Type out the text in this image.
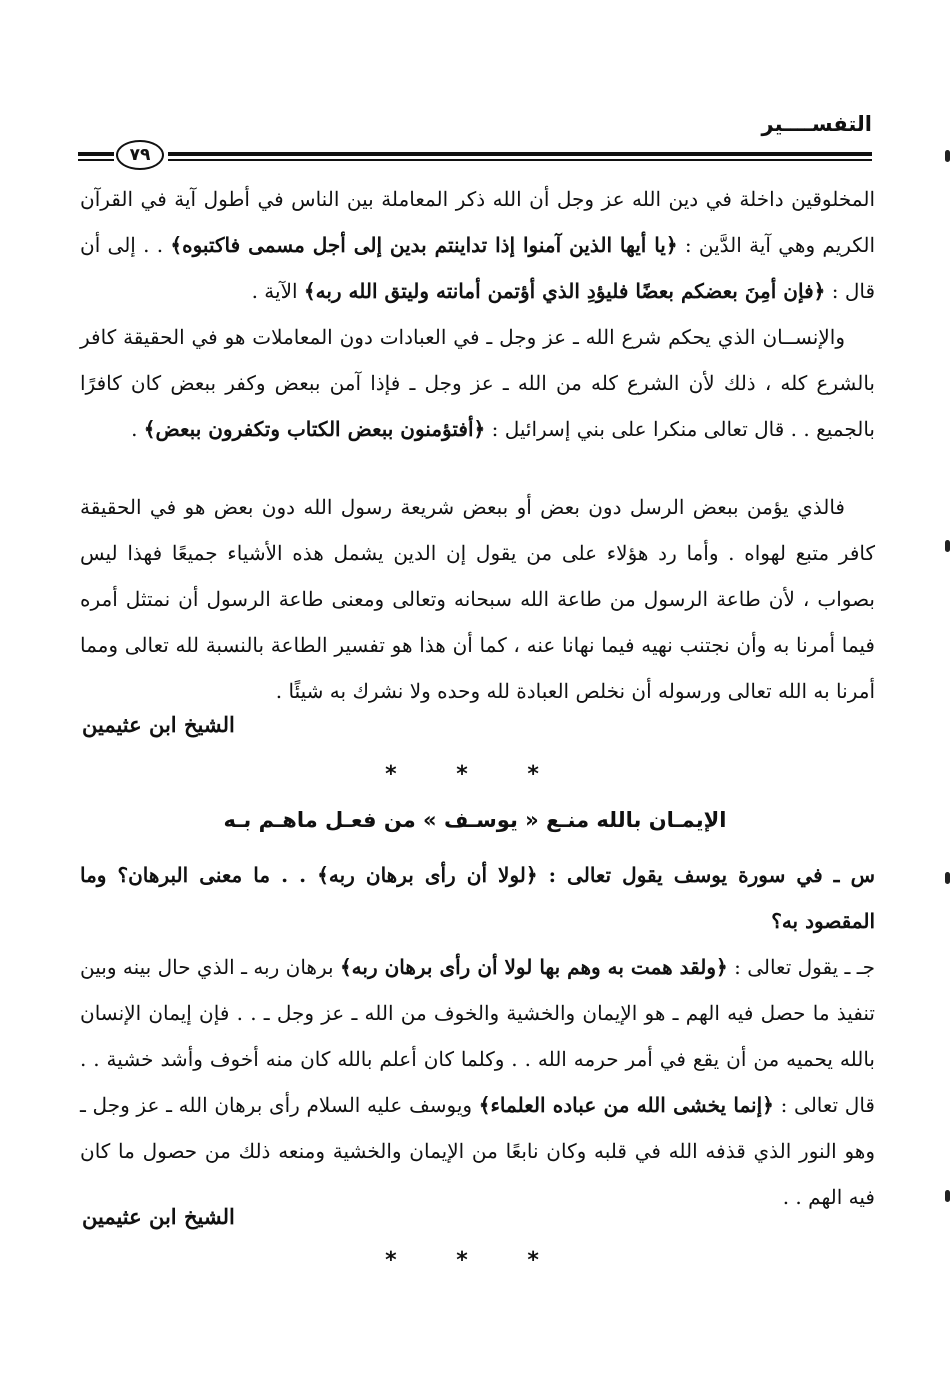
التفســــير
٧٩

المخلوقين داخلة في دين الله عز وجل أن الله ذكر المعاملة بين الناس في أطول آية في القرآن الكريم وهي آية الدَّين : ﴿يا أيها الذين آمنوا إذا تداينتم بدين إلى أجل مسمى فاكتبوه﴾ . . إلى أن قال : ﴿فإن أمِنَ بعضكم بعضًا فليؤدِ الذي أؤتمن أمانته وليتق الله ربه﴾ الآية .

والإنســان الذي يحكم شرع الله ـ عز وجل ـ في العبادات دون المعاملات هو في الحقيقة كافر بالشرع كله ، ذلك لأن الشرع كله من الله ـ عز وجل ـ فإذا آمن ببعض وكفر ببعض كان كافرًا بالجميع . . قال تعالى منكرا على بني إسرائيل : ﴿أفتؤمنون ببعض الكتاب وتكفرون ببعض﴾ .

فالذي يؤمن ببعض الرسل دون بعض أو ببعض شريعة رسول الله دون بعض هو في الحقيقة كافر متبع لهواه . وأما رد هؤلاء على من يقول إن الدين يشمل هذه الأشياء جميعًا فهذا ليس بصواب ، لأن طاعة الرسول من طاعة الله سبحانه وتعالى ومعنى طاعة الرسول أن نمتثل أمره فيما أمرنا به وأن نجتنب نهيه فيما نهانا عنه ، كما أن هذا هو تفسير الطاعة بالنسبة لله تعالى ومما أمرنا به الله تعالى ورسوله أن نخلص العبادة لله وحده ولا نشرك به شيئًا .

الشيخ ابن عثيمين
* * *
الإيمـان بالله منـع « يوسـف » من فعـل ماهـم بـه

س ـ في سورة يوسف يقول تعالى : ﴿لولا أن رأى برهان ربه﴾ . . ما معنى البرهان؟ وما المقصود به؟

جـ ـ يقول تعالى : ﴿ولقد همت به وهم بها لولا أن رأى برهان ربه﴾ برهان ربه ـ الذي حال بينه وبين تنفيذ ما حصل فيه الهم ـ هو الإيمان والخشية والخوف من الله ـ عز وجل ـ . . فإن إيمان الإنسان بالله يحميه من أن يقع في أمر حرمه الله . . وكلما كان أعلم بالله كان منه أخوف وأشد خشية . . قال تعالى : ﴿إنما يخشى الله من عباده العلماء﴾ ويوسف عليه السلام رأى برهان الله ـ عز وجل ـ وهو النور الذي قذفه الله في قلبه وكان نابعًا من الإيمان والخشية ومنعه ذلك من حصول ما كان فيه الهم . .

الشيخ ابن عثيمين
* * *
